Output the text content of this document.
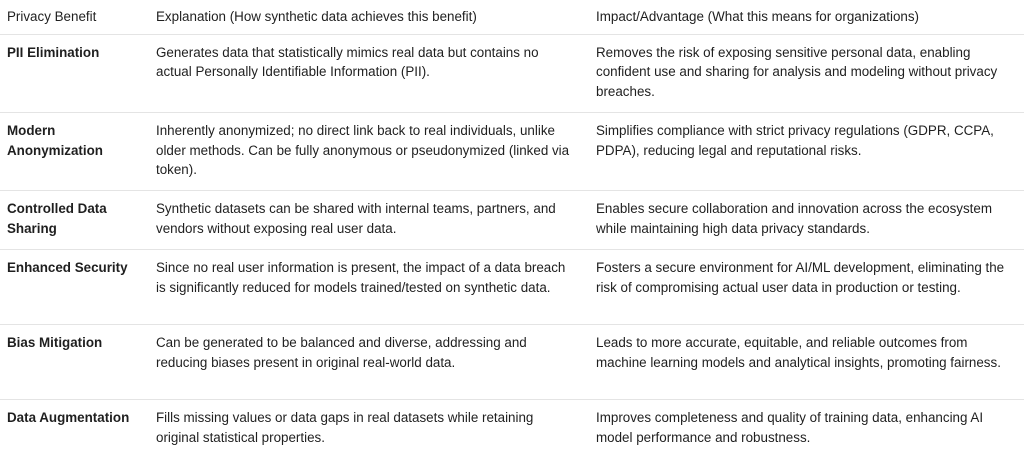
Privacy Benefit	Explanation (How synthetic data achieves this benefit)	Impact/Advantage (What this means for organizations)
PII Elimination	Generates data that statistically mimics real data but contains no actual Personally Identifiable Information (PII).	Removes the risk of exposing sensitive personal data, enabling confident use and sharing for analysis and modeling without privacy breaches.
Modern Anonymization	Inherently anonymized; no direct link back to real individuals, unlike older methods. Can be fully anonymous or pseudonymized (linked via token).	Simplifies compliance with strict privacy regulations (GDPR, CCPA, PDPA), reducing legal and reputational risks.
Controlled Data Sharing	Synthetic datasets can be shared with internal teams, partners, and vendors without exposing real user data.	Enables secure collaboration and innovation across the ecosystem while maintaining high data privacy standards.
Enhanced Security	Since no real user information is present, the impact of a data breach is significantly reduced for models trained/tested on synthetic data.	Fosters a secure environment for AI/ML development, eliminating the risk of compromising actual user data in production or testing.
Bias Mitigation	Can be generated to be balanced and diverse, addressing and reducing biases present in original real-world data.	Leads to more accurate, equitable, and reliable outcomes from machine learning models and analytical insights, promoting fairness.
Data Augmentation	Fills missing values or data gaps in real datasets while retaining original statistical properties.	Improves completeness and quality of training data, enhancing AI model performance and robustness.
